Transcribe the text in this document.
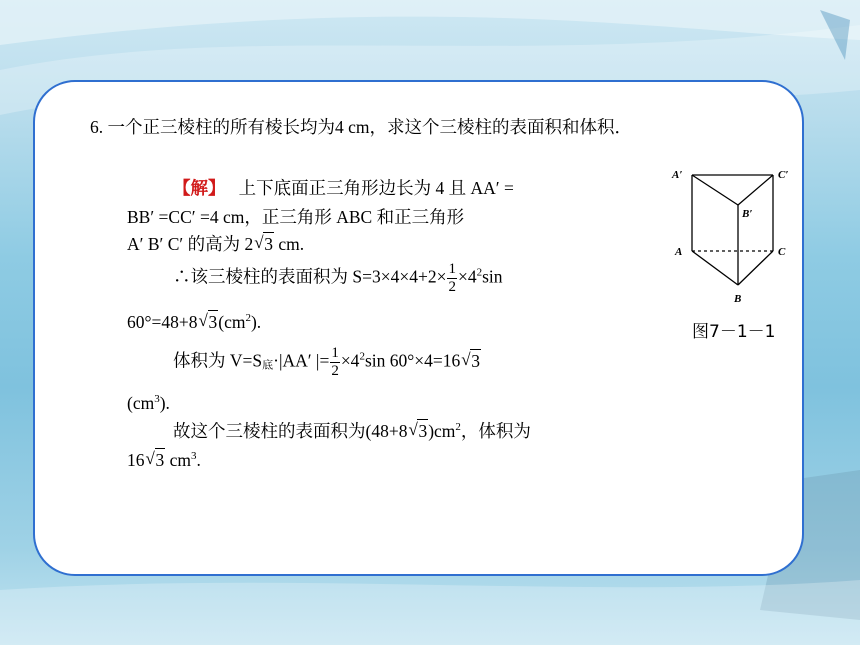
6. 一个正三棱柱的所有棱长均为4 cm，求这个三棱柱的表面积和体积．
【解】　 上下底面正三角形边长为 4 且 AA′ =
BB′ =CC′ =4 cm，正三角形 ABC 和正三角形
A′ B′ C′ 的高为 2 √ 3 cm.
∴该三棱柱的表面积为 $S=3\times 4\times 4+2\times \frac{1}{2} \times 4^2\sin$
60°=48+8 √ $3(cm^2)$.
体积为 V=S底·|AA′ |= $\frac{1}{2} \times 4^2\sin$ 60°×4=16 √ 3
$(cm^3)$.
故这个三棱柱的表面积为(48+8 √ $3)cm^2$，体积为
16 √ 3 $cm^3$.
A′	C′
B′
A	C
B
图7－1－1
